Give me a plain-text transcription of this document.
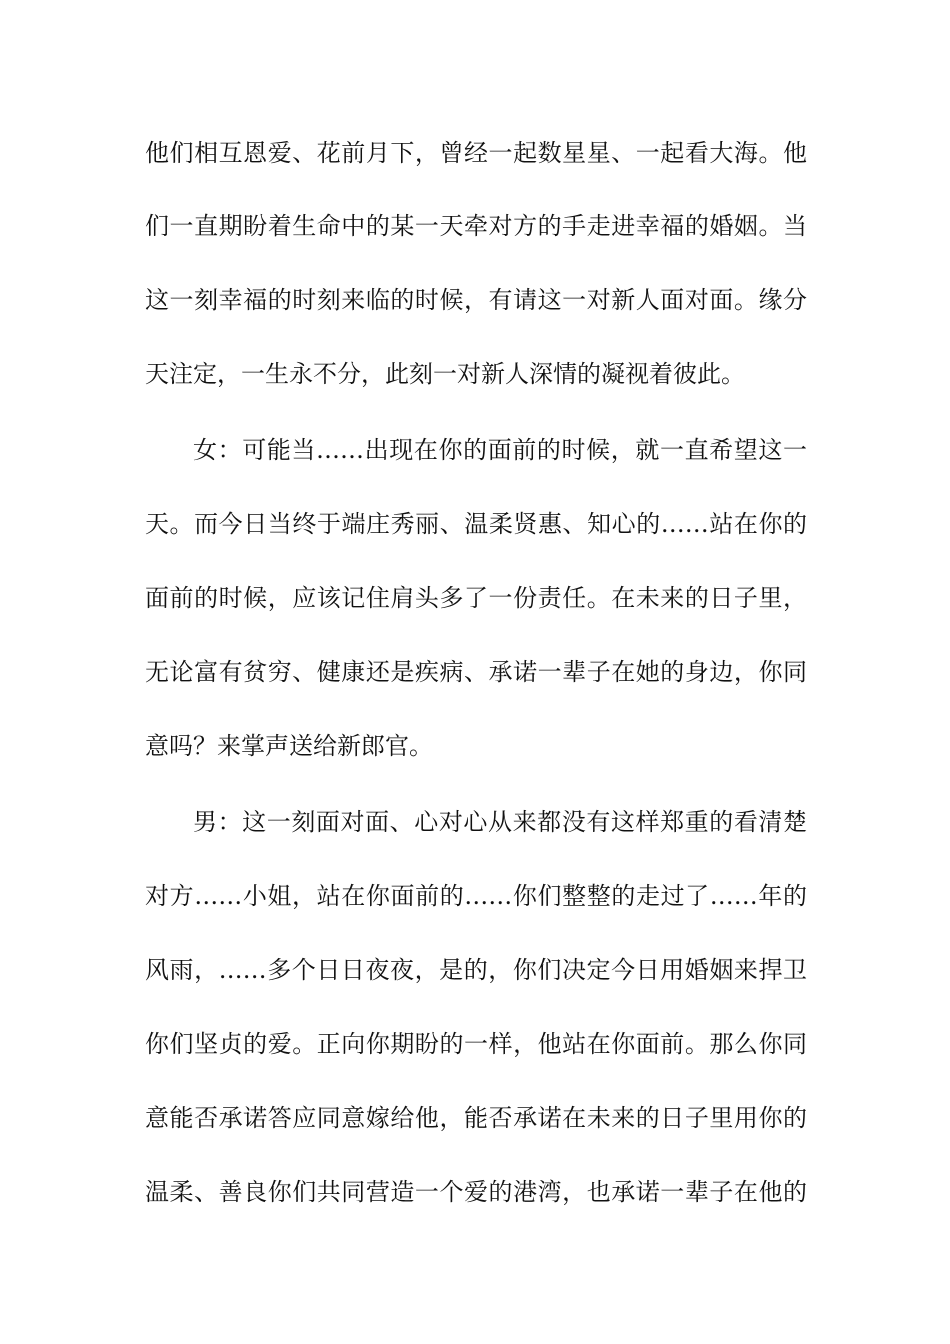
他们相互恩爱、花前月下，曾经一起数星星、一起看大海。他
们一直期盼着生命中的某一天牵对方的手走进幸福的婚姻。当
这一刻幸福的时刻来临的时候，有请这一对新人面对面。缘分
天注定，一生永不分，此刻一对新人深情的凝视着彼此。
女：可能当……出现在你的面前的时候，就一直希望这一
天。而今日当终于端庄秀丽、温柔贤惠、知心的……站在你的
面前的时候，应该记住肩头多了一份责任。在未来的日子里，
无论富有贫穷、健康还是疾病、承诺一辈子在她的身边，你同
意吗？来掌声送给新郎官。
男：这一刻面对面、心对心从来都没有这样郑重的看清楚
对方……小姐，站在你面前的……你们整整的走过了……年的
风雨，……多个日日夜夜，是的，你们决定今日用婚姻来捍卫
你们坚贞的爱。正向你期盼的一样，他站在你面前。那么你同
意能否承诺答应同意嫁给他，能否承诺在未来的日子里用你的
温柔、善良你们共同营造一个爱的港湾，也承诺一辈子在他的
